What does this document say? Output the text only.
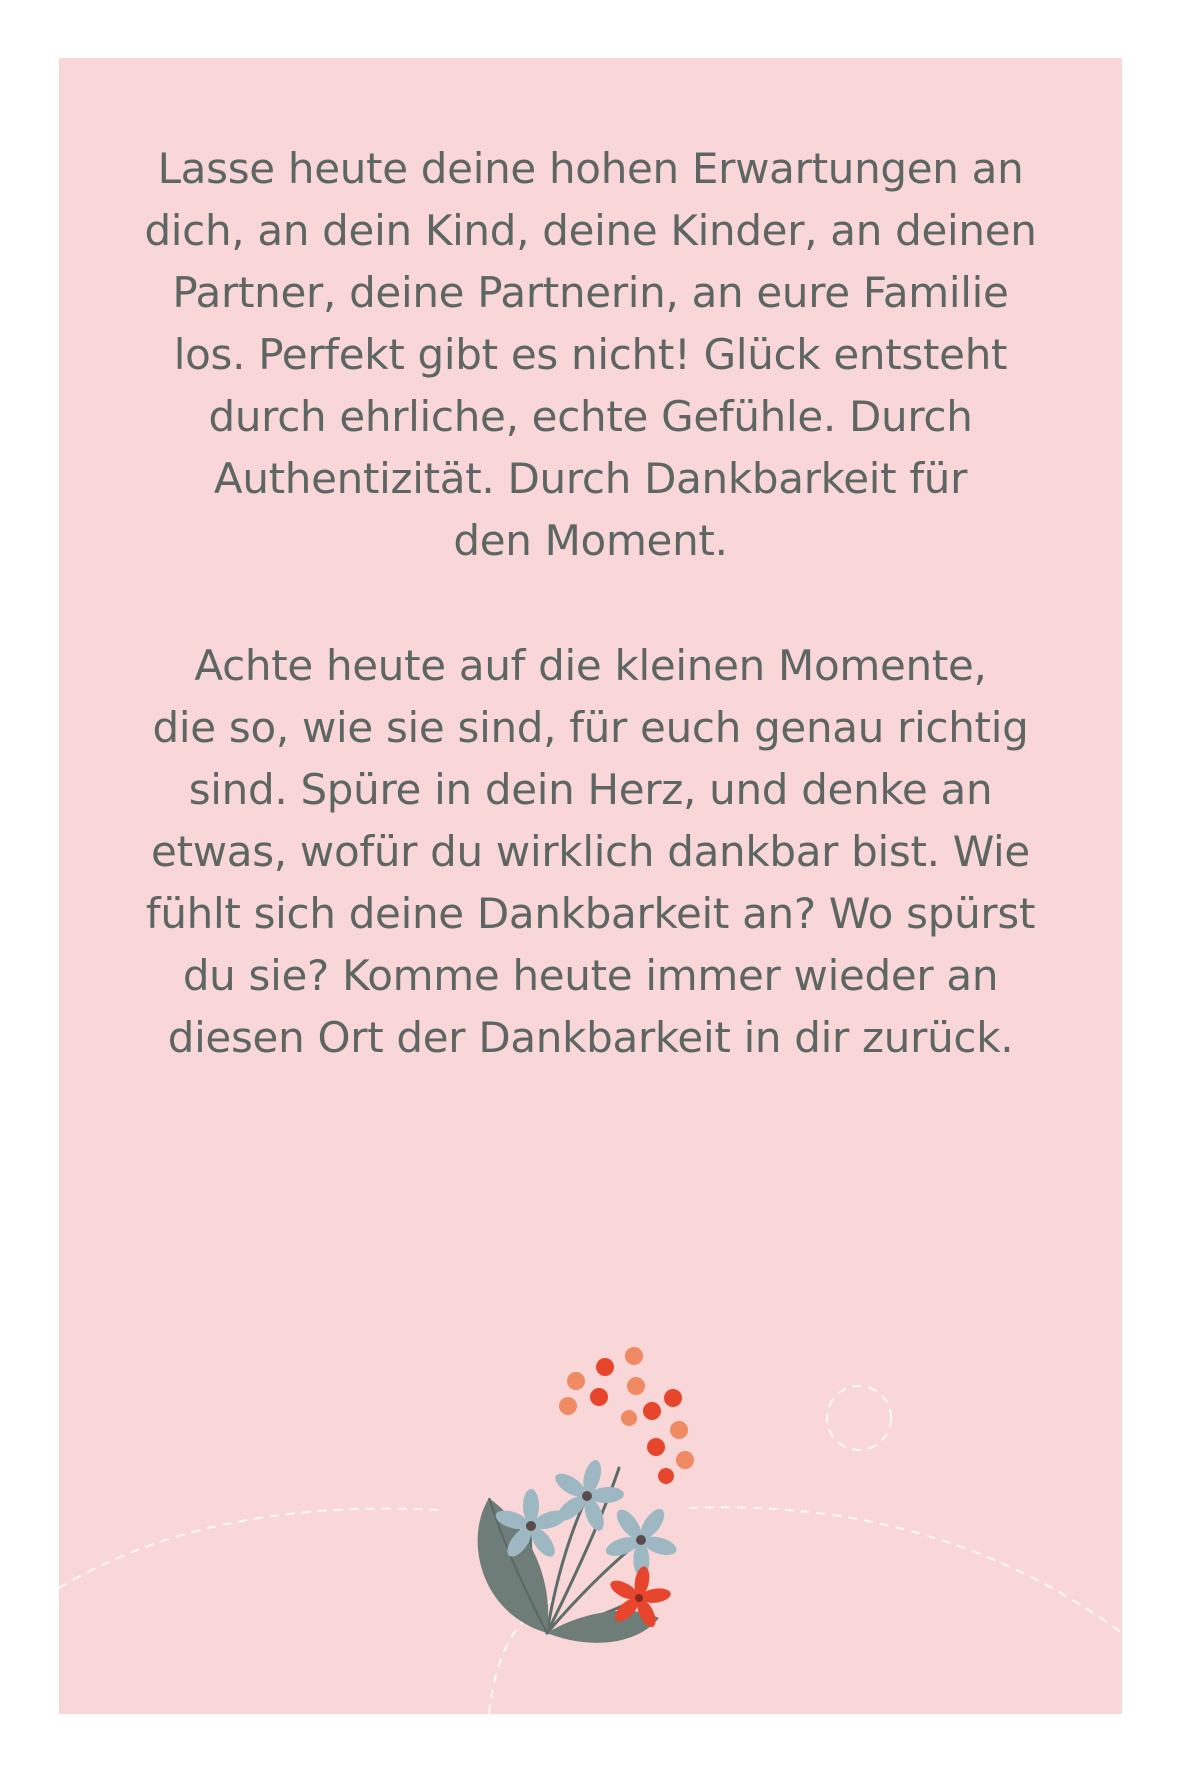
Lasse heute deine hohen Erwartungen an
dich, an dein Kind, deine Kinder, an deinen
Partner, deine Partnerin, an eure Familie
los. Perfekt gibt es nicht! Glück entsteht
durch ehrliche, echte Gefühle. Durch
Authentizität. Durch Dankbarkeit für
den Moment.
Achte heute auf die kleinen Momente,
die so, wie sie sind, für euch genau richtig
sind. Spüre in dein Herz, und denke an
etwas, wofür du wirklich dankbar bist. Wie
fühlt sich deine Dankbarkeit an? Wo spürst
du sie? Komme heute immer wieder an
diesen Ort der Dankbarkeit in dir zurück.
